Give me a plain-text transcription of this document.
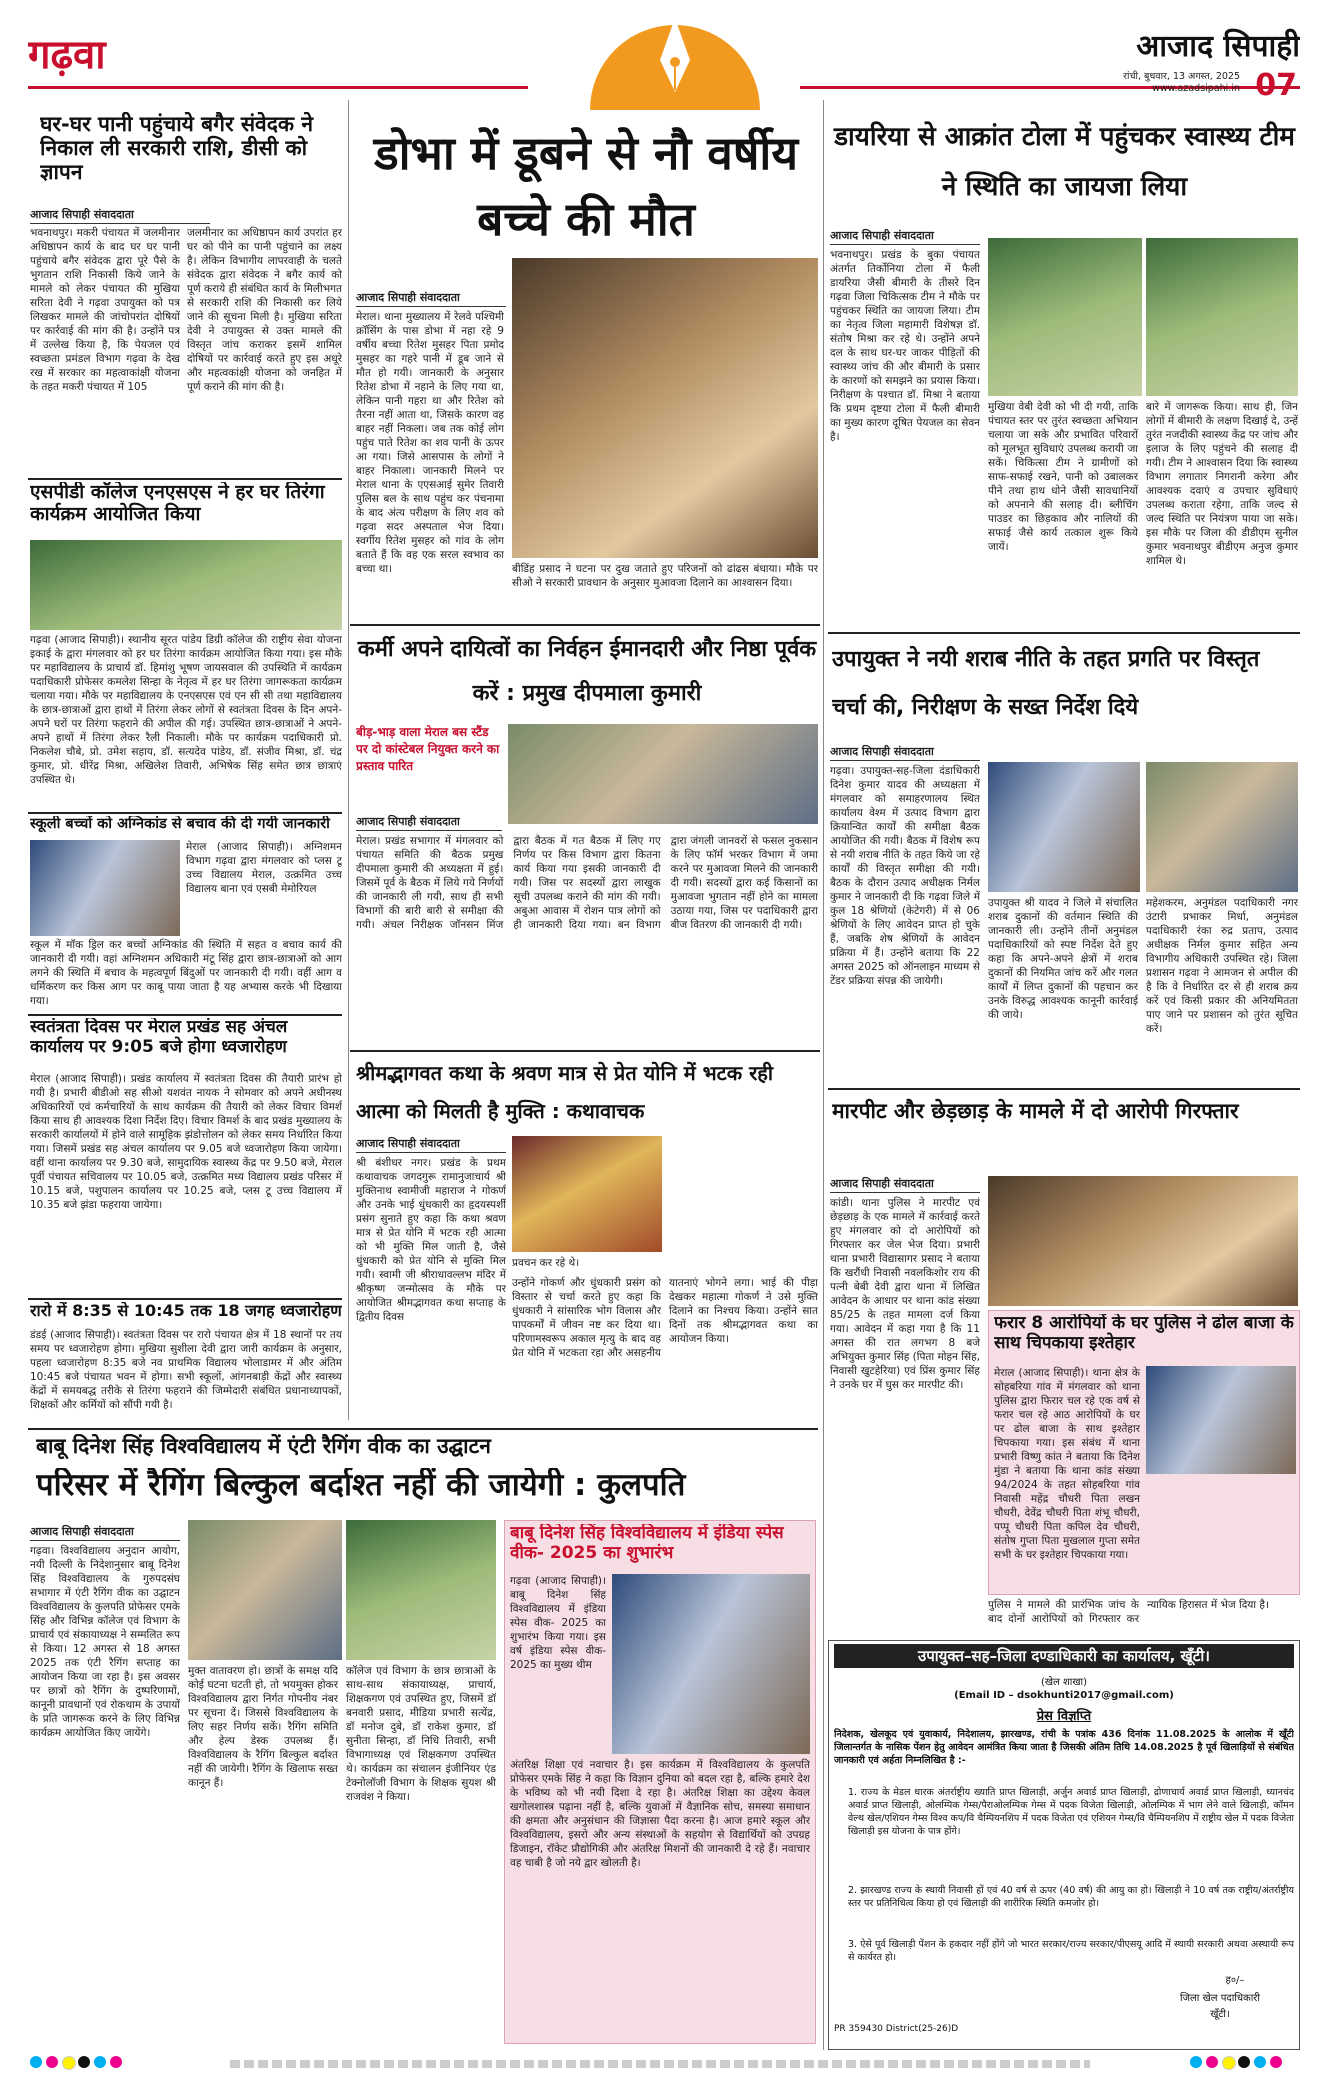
गढ़वा	आजाद सिपाही
रांची, बुधवार, 13 अगस्त, 2025
www.azadsipahi.in 07
घर-घर पानी पहुंचाये बगैर संवेदक ने निकाल ली सरकारी राशि, डीसी को ज्ञापन
आजाद सिपाही संवाददाता
भवनाथपुर। मकरी पंचायत में जलमीनार अधिष्ठापन कार्य के बाद घर घर पानी पहुंचाये बगैर संवेदक द्वारा पूरे पैसे के भुगतान राशि निकासी किये जाने के मामले को लेकर पंचायत की मुखिया सरिता देवी ने गढ़वा उपायुक्त को पत्र लिखकर मामले की जांचोपरांत दोषियों पर कार्रवाई की मांग की है। उन्होंने पत्र में उल्लेख किया है, कि पेयजल एवं स्वच्छता प्रमंडल विभाग गढ़वा के देख रख में सरकार का महत्वाकांक्षी योजना के तहत मकरी पंचायत में 105
जलमीनार का अधिष्ठापन कार्य उपरांत हर घर को पीने का पानी पहुंचाने का लक्ष्य है। लेकिन विभागीय लापरवाही के चलते संवेदक द्वारा संवेदक ने बगैर कार्य को पूर्ण कराये ही संबंधित कार्य के मिलीभगत से सरकारी राशि की निकासी कर लिये जाने की सूचना मिली है। मुखिया सरिता देवी ने उपायुक्त से उक्त मामले की विस्तृत जांच कराकर इसमें शामिल दोषियों पर कार्रवाई करते हुए इस अधूरे और महत्वकांक्षी योजना को जनहित में पूर्ण कराने की मांग की है।
एसपीडी कॉलेज एनएसएस ने हर घर तिरंगा कार्यक्रम आयोजित किया
गढ़वा (आजाद सिपाही)। स्थानीय सूरत पांडेय डिग्री कॉलेज की राष्ट्रीय सेवा योजना इकाई के द्वारा मंगलवार को हर घर तिरंगा कार्यक्रम आयोजित किया गया। इस मौके पर महाविद्यालय के प्राचार्य डॉ. हिमांशु भूषण जायसवाल की उपस्थिति में कार्यक्रम पदाधिकारी प्रोफेसर कमलेश सिन्हा के नेतृत्व में हर घर तिरंगा जागरूकता कार्यक्रम चलाया गया। मौके पर महाविद्यालय के एनएसएस एवं एन सी सी तथा महाविद्यालय के छात्र-छात्राओं द्वारा हाथों में तिरंगा लेकर लोगों से स्वतंत्रता दिवस के दिन अपने-अपने घरों पर तिरंगा फहराने की अपील की गई। उपस्थित छात्र-छात्राओं ने अपने-अपने हाथों में तिरंगा लेकर रैली निकाली। मौके पर कार्यक्रम पदाधिकारी प्रो. निकलेश चौबे, प्रो. उमेश सहाय, डॉ. सत्यदेव पांडेय, डॉ. संजीव मिश्रा, डॉ. चंद्र कुमार, प्रो. धीरेंद्र मिश्रा, अखिलेश तिवारी, अभिषेक सिंह समेत छात्र छात्राएं उपस्थित थे।
स्कूली बच्चों को अग्निकांड से बचाव की दी गयी जानकारी
मेराल (आजाद सिपाही)। अग्निशमन विभाग गढ़वा द्वारा मंगलवार को प्लस टू उच्च विद्यालय मेराल, उत्क्रमित उच्च विद्यालय बाना एवं एसबी मेमोरियल
स्कूल में मॉक ड्रिल कर बच्चों अग्निकांड की स्थिति में सहत व बचाव कार्य की जानकारी दी गयी। वहां अग्निशमन अधिकारी मंटू सिंह द्वारा छात्र-छात्राओं को आग लगने की स्थिति में बचाव के महत्वपूर्ण बिंदुओं पर जानकारी दी गयी। वहीं आग व धर्मिकरण कर किस आग पर काबू पाया जाता है यह अभ्यास करके भी दिखाया गया।
स्वतंत्रता दिवस पर मेराल प्रखंड सह अंचल कार्यालय पर 9:05 बजे होगा ध्वजारोहण
मेराल (आजाद सिपाही)। प्रखंड कार्यालय में स्वतंत्रता दिवस की तैयारी प्रारंभ हो गयी है। प्रभारी बीडीओ सह सीओ यशवंत नायक ने सोमवार को अपने अधीनस्थ अधिकारियों एवं कर्मचारियों के साथ कार्यक्रम की तैयारी को लेकर विचार विमर्श किया साथ ही आवश्यक दिशा निर्देश दिए। विचार विमर्श के बाद प्रखंड मुख्यालय के सरकारी कार्यालयों में होने वाले सामूहिक झंडोत्तोलन को लेकर समय निर्धारित किया गया। जिसमें प्रखंड सह अंचल कार्यालय पर 9.05 बजे ध्वजारोहण किया जायेगा। वहीं थाना कार्यालय पर 9.30 बजे, सामुदायिक स्वास्थ्य केंद्र पर 9.50 बजे, मेराल पूर्वी पंचायत सचिवालय पर 10.05 बजे, उत्क्रमित मध्य विद्यालय प्रखंड परिसर में 10.15 बजे, पशुपालन कार्यालय पर 10.25 बजे, प्लस टू उच्च विद्यालय में 10.35 बजे झंडा फहराया जायेगा।
रारो में 8:35 से 10:45 तक 18 जगह ध्वजारोहण
डंडई (आजाद सिपाही)। स्वतंत्रता दिवस पर रारो पंचायत क्षेत्र में 18 स्थानों पर तय समय पर ध्वजारोहण होगा। मुखिया सुशीला देवी द्वारा जारी कार्यक्रम के अनुसार, पहला ध्वजारोहण 8:35 बजे नव प्राथमिक विद्यालय भोलाडामर में और अंतिम 10:45 बजे पंचायत भवन में होगा। सभी स्कूलों, आंगनबाड़ी केंद्रों और स्वास्थ्य केंद्रों में समयबद्ध तरीके से तिरंगा फहराने की जिम्मेदारी संबंधित प्रधानाध्यापकों, शिक्षकों और कर्मियों को सौंपी गयी है।
डोभा में डूबने से नौ वर्षीय बच्चे की मौत
आजाद सिपाही संवाददाता
मेराल। थाना मुख्यालय में रेलवे पश्चिमी क्रॉसिंग के पास डोभा में नहा रहे 9 वर्षीय बच्चा रितेश मुसहर पिता प्रमोद मुसहर का गहरे पानी में डूब जाने से मौत हो गयी। जानकारी के अनुसार रितेश डोभा में नहाने के लिए गया था, लेकिन पानी गहरा था और रितेश को तैरना नहीं आता था, जिसके कारण वह बाहर नहीं निकला। जब तक कोई लोग पहुंच पाते रितेश का शव पानी के ऊपर आ गया। जिसे आसपास के लोगों ने बाहर निकाला। जानकारी मिलने पर मेराल थाना के एएसआई सुमेर तिवारी पुलिस बल के साथ पहुंच कर पंचनामा के बाद अंत्य परीक्षण के लिए शव को गढ़वा सदर अस्पताल भेज दिया। स्वर्गीय रितेश मुसहर को गांव के लोग बताते हैं कि वह एक सरल स्वभाव का बच्चा था।	बीडिंह प्रसाद ने घटना पर दुख जताते हुए परिजनों को ढांढस बंधाया। मौके पर सीओ ने सरकारी प्रावधान के अनुसार मुआवजा दिलाने का आश्वासन दिया।
कर्मी अपने दायित्वों का निर्वहन ईमानदारी और निष्ठा पूर्वक करें : प्रमुख दीपमाला कुमारी
बीड़-भाड़ वाला मेराल बस स्टैंड पर दो कांस्टेबल नियुक्त करने का प्रस्ताव पारित
आजाद सिपाही संवाददाता
मेराल। प्रखंड सभागार में मंगलवार को पंचायत समिति की बैठक प्रमुख दीपमाला कुमारी की अध्यक्षता में हुई। जिसमें पूर्व के बैठक में लिये गये निर्णयों की जानकारी ली गयी, साथ ही सभी विभागों की बारी बारी से समीक्षा की गयी। अंचल निरीक्षक जॉनसन मिंज द्वारा बैठक में गत बैठक में लिए गए निर्णय पर किस विभाग द्वारा कितना कार्य किया गया इसकी जानकारी दी गयी। जिस पर सदस्यों द्वारा लाखुक सूची उपलब्ध कराने की मांग की गयी। अबुआ आवास में रोशन पात्र लोगों को ही जानकारी दिया गया। बन विभाग द्वारा जंगली जानवरों से फसल नुकसान के लिए फॉर्म भरकर विभाग में जमा करने पर मुआवजा मिलने की जानकारी दी गयी। सदस्यों द्वारा कई किसानों का मुआवजा भुगतान नहीं होने का मामला उठाया गया, जिस पर पदाधिकारी द्वारा बीज वितरण की जानकारी दी गयी।
श्रीमद्भागवत कथा के श्रवण मात्र से प्रेत योनि में भटक रही आत्मा को मिलती है मुक्ति : कथावाचक
आजाद सिपाही संवाददाता
श्री बंशीधर नगर। प्रखंड के प्रथम कथावाचक जगदगुरू रामानुजाचार्य श्री मुक्तिनाथ स्वामीजी महाराज ने गोकर्ण और उनके भाई धुंधकारी का हृदयस्पर्शी प्रसंग सुनाते हुए कहा कि कथा श्रवण मात्र से प्रेत योनि में भटक रही आत्मा को भी मुक्ति मिल जाती है, जैसे धुंधकारी को प्रेत योनि से मुक्ति मिल गयी। स्वामी जी श्रीराधावल्लभ मंदिर में श्रीकृष्ण जन्मोत्सव के मौके पर आयोजित श्रीमद्भागवत कथा सप्ताह के द्वितीय दिवस
प्रवचन कर रहे थे।
उन्होंने गोकर्ण और धुंधकारी प्रसंग को विस्तार से चर्चा करते हुए कहा कि धुंधकारी ने सांसारिक भोग विलास और पापकर्मों में जीवन नष्ट कर दिया था। परिणामस्वरूप अकाल मृत्यु के बाद वह प्रेत योनि में भटकता रहा और असहनीय यातनाएं भोगने लगा। भाई की पीड़ा देखकर महात्मा गोकर्ण ने उसे मुक्ति दिलाने का निश्चय किया। उन्होंने सात दिनों तक श्रीमद्भागवत कथा का आयोजन किया।
डायरिया से आक्रांत टोला में पहुंचकर स्वास्थ्य टीम ने स्थिति का जायजा लिया
आजाद सिपाही संवाददाता
भवनाथपुर। प्रखंड के बुका पंचायत अंतर्गत तिर्कोनिया टोला में फैली डायरिया जैसी बीमारी के तीसरे दिन गढ़वा जिला चिकित्सक टीम ने मौके पर पहुंचकर स्थिति का जायजा लिया। टीम का नेतृत्व जिला महामारी विशेषज्ञ डॉ. संतोष मिश्रा कर रहे थे। उन्होंने अपने दल के साथ घर-घर जाकर पीड़ितों की स्वास्थ्य जांच की और बीमारी के प्रसार के कारणों को समझने का प्रयास किया। निरीक्षण के पश्चात डॉ. मिश्रा ने बताया कि प्रथम दृष्टया टोला में फैली बीमारी का मुख्य कारण दूषित पेयजल का सेवन है।
मुखिया वेबी देवी को भी दी गयी, ताकि पंचायत स्तर पर तुरंत स्वच्छता अभियान चलाया जा सके और प्रभावित परिवारों को मूलभूत सुविधाएं उपलब्ध करायी जा सकें। चिकित्सा टीम ने ग्रामीणों को साफ-सफाई रखने, पानी को उबालकर पीने तथा हाथ धोने जैसी सावधानियों को अपनाने की सलाह दी। ब्लीचिंग पाउडर का छिड़काव और नालियों की सफाई जैसे कार्य तत्काल शुरू किये जायें।
बारे में जागरूक किया। साथ ही, जिन लोगों में बीमारी के लक्षण दिखाई दे, उन्हें तुरंत नजदीकी स्वास्थ्य केंद्र पर जांच और इलाज के लिए पहुंचने की सलाह दी गयी। टीम ने आश्वासन दिया कि स्वास्थ्य विभाग लगातार निगरानी करेगा और आवश्यक दवाएं व उपचार सुविधाएं उपलब्ध कराता रहेगा, ताकि जल्द से जल्द स्थिति पर नियंत्रण पाया जा सके। इस मौके पर जिला की डीडीएम सुनील कुमार भवनाथपुर बीडीएम अनुज कुमार शामिल थे।
उपायुक्त ने नयी शराब नीति के तहत प्रगति पर विस्तृत चर्चा की, निरीक्षण के सख्त निर्देश दिये
आजाद सिपाही संवाददाता
गढ़वा। उपायुक्त-सह-जिला दंडाधिकारी दिनेश कुमार यादव की अध्यक्षता में मंगलवार को समाहरणालय स्थित कार्यालय वेश्म में उत्पाद विभाग द्वारा क्रियान्वित कार्यों की समीक्षा बैठक आयोजित की गयी। बैठक में विशेष रूप से नयी शराब नीति के तहत किये जा रहे कार्यों की विस्तृत समीक्षा की गयी। बैठक के दौरान उत्पाद अधीक्षक निर्मल कुमार ने जानकारी दी कि गढ़वा जिले में कुल 18 श्रेणियों (केटेगरी) में से 06 श्रेणियों के लिए आवेदन प्राप्त हो चुके हैं, जबकि शेष श्रेणियों के आवेदन प्रक्रिया में हैं। उन्होंने बताया कि 22 अगस्त 2025 को ऑनलाइन माध्यम से टेंडर प्रक्रिया संपन्न की जायेगी।
उपायुक्त श्री यादव ने जिले में संचालित शराब दुकानों की वर्तमान स्थिति की जानकारी ली। उन्होंने तीनों अनुमंडल पदाधिकारियों को स्पष्ट निर्देश देते हुए कहा कि अपने-अपने क्षेत्रों में शराब दुकानों की नियमित जांच करें और गलत कार्यों में लिप्त दुकानों की पहचान कर उनके विरुद्ध आवश्यक कानूनी कार्रवाई की जाये।
महेशकरम, अनुमंडल पदाधिकारी नगर उंटारी प्रभाकर मिर्धा, अनुमंडल पदाधिकारी रंका रुद्र प्रताप, उत्पाद अधीक्षक निर्मल कुमार सहित अन्य विभागीय अधिकारी उपस्थित रहे। जिला प्रशासन गढ़वा ने आमजन से अपील की है कि वे निर्धारित दर से ही शराब क्रय करें एवं किसी प्रकार की अनियमितता पाए जाने पर प्रशासन को तुरंत सूचित करें।
मारपीट और छेड़छाड़ के मामले में दो आरोपी गिरफ्तार
आजाद सिपाही संवाददाता
कांडी। थाना पुलिस ने मारपीट एवं छेड़छाड़ के एक मामले में कार्रवाई करते हुए मंगलवार को दो आरोपियों को गिरफ्तार कर जेल भेज दिया। प्रभारी थाना प्रभारी विद्यासागर प्रसाद ने बताया कि खरौंधी निवासी नवलकिशोर राय की पत्नी बेबी देवी द्वारा थाना में लिखित आवेदन के आधार पर थाना कांड संख्या 85/25 के तहत मामला दर्ज किया गया। आवेदन में कहा गया है कि 11 अगस्त की रात लगभग 8 बजे अभियुक्त कुमार सिंह (पिता मोहन सिंह, निवासी खुटहेरिया) एवं प्रिंस कुमार सिंह ने उनके घर में घुस कर मारपीट की।
पुलिस ने मामले की प्रारंभिक जांच के बाद दोनों आरोपियों को गिरफ्तार कर न्यायिक हिरासत में भेज दिया है।
फरार 8 आरोपियों के घर पुलिस ने ढोल बाजा के साथ चिपकाया इश्तेहार
मेराल (आजाद सिपाही)। थाना क्षेत्र के सोहबरिया गांव में मंगलवार को थाना पुलिस द्वारा फिरार चल रहे एक वर्ष से फरार चल रहे आठ आरोपियों के घर पर ढोल बाजा के साथ इश्तेहार चिपकाया गया। इस संबंध में थाना प्रभारी विष्णु कांत ने बताया कि दिनेश मुंडा ने बताया कि थाना कांड संख्या 94/2024 के तहत सोहबरिया गांव निवासी महेंद्र चौधरी पिता लखन चौधरी, देवेंद्र चौधरी पिता शंभू चौधरी, पप्पू चौधरी पिता कपिल देव चौधरी, संतोष गुप्ता पिता मुखलाल गुप्ता समेत सभी के घर इश्तेहार चिपकाया गया।
बाबू दिनेश सिंह विश्वविद्यालय में एंटी रैगिंग वीक का उद्घाटन
परिसर में रैगिंग बिल्कुल बर्दाश्त नहीं की जायेगी : कुलपति
आजाद सिपाही संवाददाता
गढ़वा। विश्वविद्यालय अनुदान आयोग, नयी दिल्ली के निदेशानुसार बाबू दिनेश सिंह विश्वविद्यालय के गुरुपदसंघ सभागार में एंटी रैगिंग वीक का उद्घाटन विश्वविद्यालय के कुलपति प्रोफेसर एमके सिंह और विभिन्न कॉलेज एवं विभाग के प्राचार्य एवं संकायाध्यक्ष ने सम्मलित रूप से किया। 12 अगस्त से 18 अगस्त 2025 तक एंटी रैगिंग सप्ताह का आयोजन किया जा रहा है। इस अवसर पर छात्रों को रैगिंग के दुष्परिणामों, कानूनी प्रावधानों एवं रोकथाम के उपायों के प्रति जागरूक करने के लिए विभिन्न कार्यक्रम आयोजित किए जायेंगे।
मुक्त वातावरण हो। छात्रों के समक्ष यदि कोई घटना घटती हो, तो भयमुक्त होकर विश्वविद्यालय द्वारा निर्गत गोपनीय नंबर पर सूचना दें। जिससे विश्वविद्यालय के लिए सहर निर्णय सकें। रैगिंग समिति और हेल्प डेस्क उपलब्ध हैं। विश्वविद्यालय के रैगिंग बिल्कुल बर्दाश्त नहीं की जायेगी। रैगिंग के खिलाफ सख्त कानून हैं।
कॉलेज एवं विभाग के छात्र छात्राओं के साथ-साथ संकायाध्यक्ष, प्राचार्य, शिक्षकगण एवं उपस्थित हुए, जिसमें डॉ बनवारी प्रसाद, मीडिया प्रभारी सत्येंद्र, डॉ मनोज दुबे, डॉ राकेश कुमार, डॉ सुनीता सिन्हा, डॉ निधि तिवारी, सभी विभागाध्यक्ष एवं शिक्षकगण उपस्थित थे। कार्यक्रम का संचालन इंजीनियर एंड टेक्नोलॉजी विभाग के शिक्षक सुयश श्री राजवंश ने किया।
बाबू दिनेश सिंह विश्वविद्यालय में इंडिया स्पेस वीक- 2025 का शुभारंभ
गढ़वा (आजाद सिपाही)। बाबू दिनेश सिंह विश्वविद्यालय में इंडिया स्पेस वीक- 2025 का शुभारंभ किया गया। इस वर्ष इंडिया स्पेस वीक- 2025 का मुख्य थीम
अंतरिक्ष शिक्षा एवं नवाचार है। इस कार्यक्रम में विश्वविद्यालय के कुलपति प्रोफेसर एमके सिंह ने कहा कि विज्ञान दुनिया को बदल रहा है, बल्कि हमारे देश के भविष्य को भी नयी दिशा दे रहा है। अंतरिक्ष शिक्षा का उद्देश्य केवल खगोलशास्त्र पढ़ाना नहीं है, बल्कि युवाओं में वैज्ञानिक सोच, समस्या समाधान की क्षमता और अनुसंधान की जिज्ञासा पैदा करना है। आज हमारे स्कूल और विश्वविद्यालय, इसरो और अन्य संस्थाओं के सहयोग से विद्यार्थियों को उपग्रह डिजाइन, रॉकेट प्रौद्योगिकी और अंतरिक्ष मिशनों की जानकारी दे रहे हैं। नवाचार वह चाबी है जो नये द्वार खोलती है।
उपायुक्त–सह–जिला दण्डाधिकारी का कार्यालय, खूँटी।
(खेल शाखा)
(Email ID – dsokhunti2017@gmail.com)
प्रेस विज्ञप्ति
निदेशक, खेलकूद एवं युवाकार्य, निदेशालय, झारखण्ड, रांची के पत्रांक 436 दिनांक 11.08.2025 के आलोक में खूँटी जिलान्तर्गत के नासिक पेंशन हेतु आवेदन आमंत्रित किया जाता है जिसकी अंतिम तिथि 14.08.2025 है पूर्व खिलाड़ियों से संबंधित जानकारी एवं अर्हता निम्नलिखित है :-
1. राज्य के मेडल धारक अंतर्राष्ट्रीय ख्याति प्राप्त खिलाड़ी, अर्जुन अवार्ड प्राप्त खिलाड़ी, द्रोणाचार्य अवार्ड प्राप्त खिलाड़ी, ध्यानचंद अवार्ड प्राप्त खिलाड़ी, ओलम्पिक गेम्स/पैराओलम्पिक गेम्स में पदक विजेता खिलाड़ी, ओलम्पिक में भाग लेने वाले खिलाड़ी, कॉमन वेल्थ खेल/एशियन गेम्स विश्व कप/वि चैम्पियनशिप में पदक विजेता एवं एशियन गेम्स/वि चैम्पियनशिप में राष्ट्रीय खेल में पदक विजेता खिलाड़ी इस योजना के पात्र होंगे।
2. झारखण्ड राज्य के स्थायी निवासी हों एवं 40 वर्ष से ऊपर (40 वर्ष) की आयु का हो। खिलाड़ी ने 10 वर्ष तक राष्ट्रीय/अंतर्राष्ट्रीय स्तर पर प्रतिनिधित्व किया हो एवं खिलाड़ी की शारीरिक स्थिति कमजोर हो।
3. ऐसे पूर्व खिलाड़ी पेंशन के हकदार नहीं होंगे जो भारत सरकार/राज्य सरकार/पीएसयू आदि में स्थायी सरकारी अथवा अस्थायी रूप से कार्यरत हो।
ह०/–
जिला खेल पदाधिकारी
खूँटी।
PR 359430 District(25-26)D
